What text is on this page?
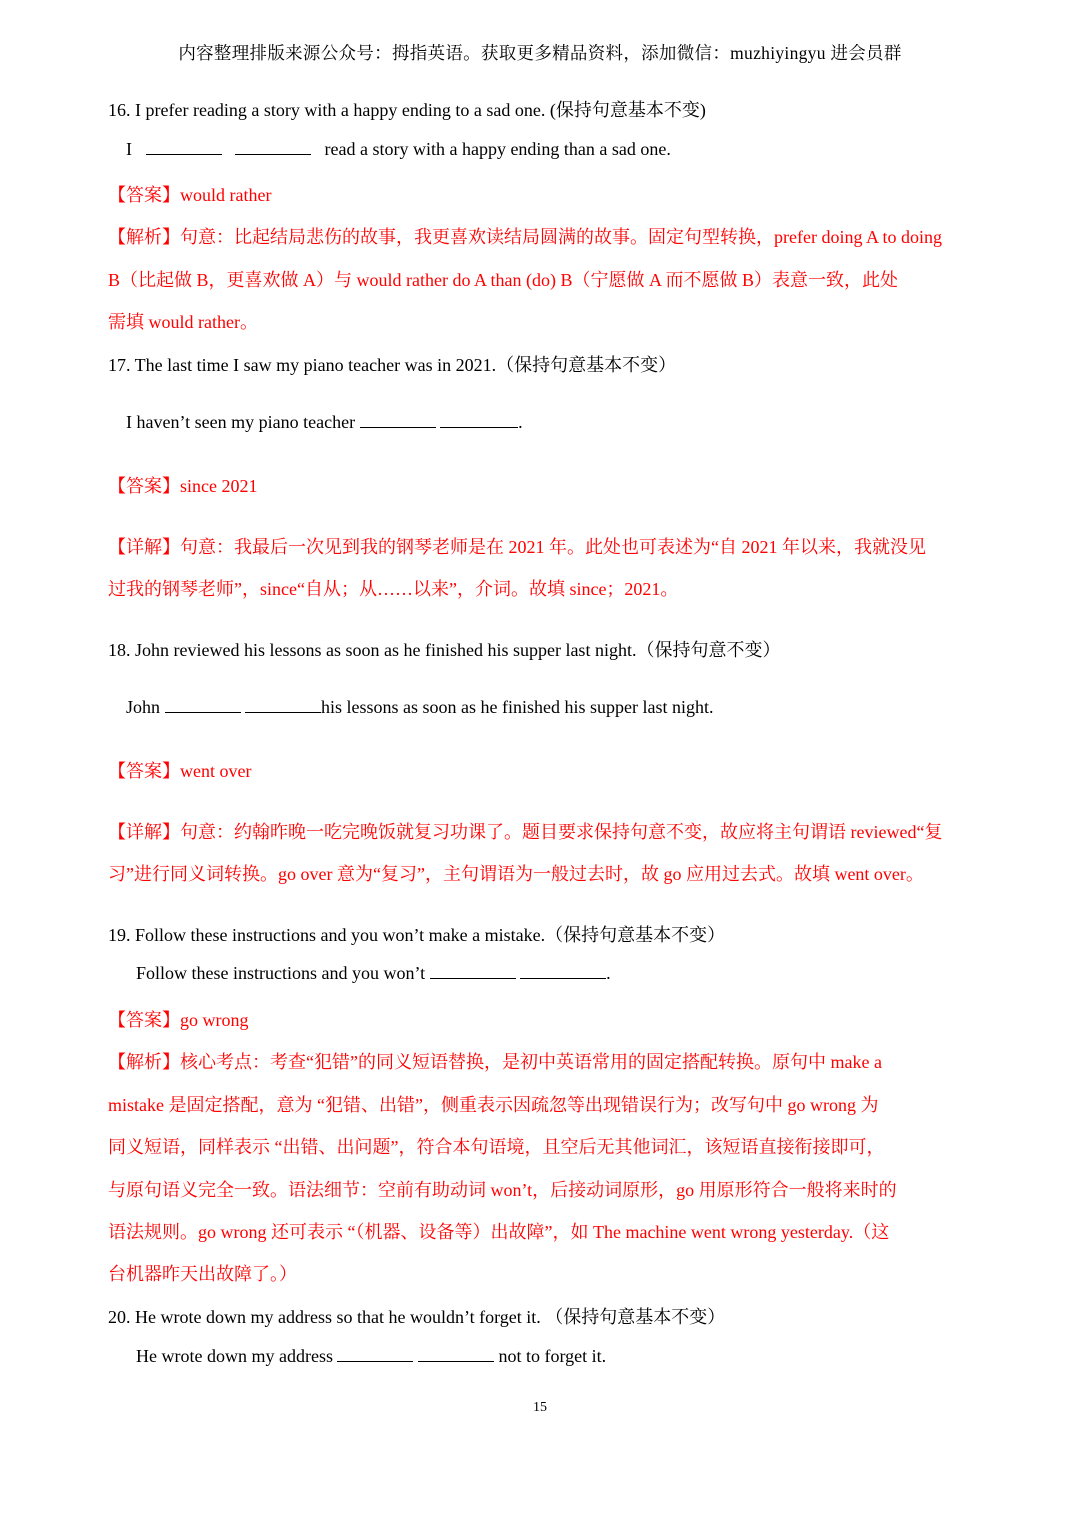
内容整理排版来源公众号：拇指英语。获取更多精品资料，添加微信：muzhiyingyu 进会员群
16. I prefer reading a story with a happy ending to a sad one. (保持句意基本不变)
I	read a story with a happy ending than a sad one.
【答案】would rather
【解析】句意：比起结局悲伤的故事，我更喜欢读结局圆满的故事。固定句型转换，prefer doing A to doing
B（比起做 B，更喜欢做 A）与 would rather do A than (do) B（宁愿做 A 而不愿做 B）表意一致，此处
需填 would rather。
17. The last time I saw my piano teacher was in 2021.（保持句意基本不变）
I haven’t seen my piano teacher	.
【答案】since 2021
【详解】句意：我最后一次见到我的钢琴老师是在 2021 年。此处也可表述为“自 2021 年以来，我就没见
过我的钢琴老师”，since“自从；从……以来”，介词。故填 since；2021。
18. John reviewed his lessons as soon as he finished his supper last night.（保持句意不变）
John	his lessons as soon as he finished his supper last night.
【答案】went over
【详解】句意：约翰昨晚一吃完晚饭就复习功课了。题目要求保持句意不变，故应将主句谓语 reviewed“复
习”进行同义词转换。go over 意为“复习”，主句谓语为一般过去时，故 go 应用过去式。故填 went over。
19. Follow these instructions and you won’t make a mistake.（保持句意基本不变）
Follow these instructions and you won’t	.
【答案】go wrong
【解析】核心考点：考查“犯错”的同义短语替换，是初中英语常用的固定搭配转换。原句中 make a
mistake 是固定搭配，意为 “犯错、出错”，侧重表示因疏忽等出现错误行为；改写句中 go wrong 为
同义短语，同样表示 “出错、出问题”，符合本句语境，且空后无其他词汇，该短语直接衔接即可，
与原句语义完全一致。语法细节：空前有助动词 won’t，后接动词原形，go 用原形符合一般将来时的
语法规则。go wrong 还可表示 “（机器、设备等）出故障”，如 The machine went wrong yesterday.（这
台机器昨天出故障了。）
20. He wrote down my address so that he wouldn’t forget it. （保持句意基本不变）
He wrote down my address	not to forget it.
15
